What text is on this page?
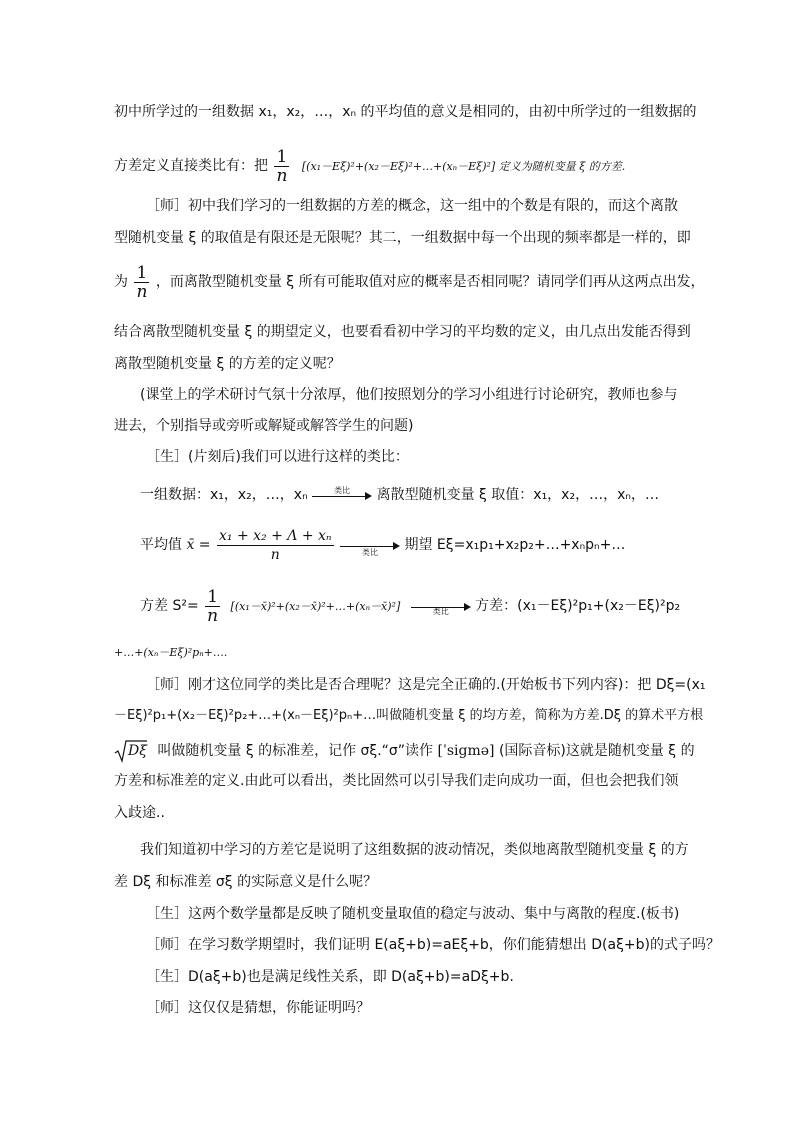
初中所学过的一组数据 x₁，x₂，…，xₙ 的平均值的意义是相同的，由初中所学过的一组数据的
方差定义直接类比有：把 $\frac{1}{n}$ [(x₁－Eξ)²+(x₂－Eξ)²+…+(xₙ－Eξ)²] 定义为随机变量 ξ 的方差.
［师］初中我们学习的一组数据的方差的概念，这一组中的个数是有限的，而这个离散
型随机变量 ξ 的取值是有限还是无限呢？其二，一组数据中每一个出现的频率都是一样的，即
为 $\frac{1}{n}$ ，而离散型随机变量 ξ 所有可能取值对应的概率是否相同呢？请同学们再从这两点出发，
结合离散型随机变量 ξ 的期望定义，也要看看初中学习的平均数的定义，由几点出发能否得到
离散型随机变量 ξ 的方差的定义呢？
(课堂上的学术研讨气氛十分浓厚，他们按照划分的学习小组进行讨论研究，教师也参与
进去，个别指导或旁听或解疑或解答学生的问题)
［生］(片刻后)我们可以进行这样的类比：
一组数据：x₁，x₂，…，xₙ	类比	离散型随机变量 ξ 取值：x₁，x₂，…，xₙ，…
平均值 x̄ = $\frac{\text{x₁ + x₂ + Λ + xₙ}}{n}$
	类比	期望 Eξ=x₁p₁+x₂p₂+…+xₙpₙ+…
方差 $S^2= \frac{1}{n}$ [(x₁－x̄)²+(x₂－x̄)²+…+(xₙ－x̄)²]	类比	方差：(x₁－Eξ)²p₁+(x₂－Eξ)²p₂
+…+(xₙ－Eξ)²pₙ+….
［师］刚才这位同学的类比是否合理呢？这是完全正确的.(开始板书下列内容)：把 Dξ=(x₁
－Eξ)²p₁+(x₂－Eξ)²p₂+…+(xₙ－Eξ)²pₙ+…叫做随机变量 ξ 的均方差，简称为方差.Dξ 的算术平方根
Dξ 叫做随机变量 ξ 的标准差，记作 σξ.“σ”读作 [ˈsigmə] (国际音标)这就是随机变量 ξ 的
方差和标准差的定义.由此可以看出，类比固然可以引导我们走向成功一面，但也会把我们领
入歧途..
我们知道初中学习的方差它是说明了这组数据的波动情况，类似地离散型随机变量 ξ 的方
差 Dξ 和标准差 σξ 的实际意义是什么呢？
［生］这两个数学量都是反映了随机变量取值的稳定与波动、集中与离散的程度.(板书)
［师］在学习数学期望时，我们证明 E(aξ+b)=aEξ+b，你们能猜想出 D(aξ+b)的式子吗？
［生］D(aξ+b)也是满足线性关系，即 D(aξ+b)=aDξ+b.
［师］这仅仅是猜想，你能证明吗？
